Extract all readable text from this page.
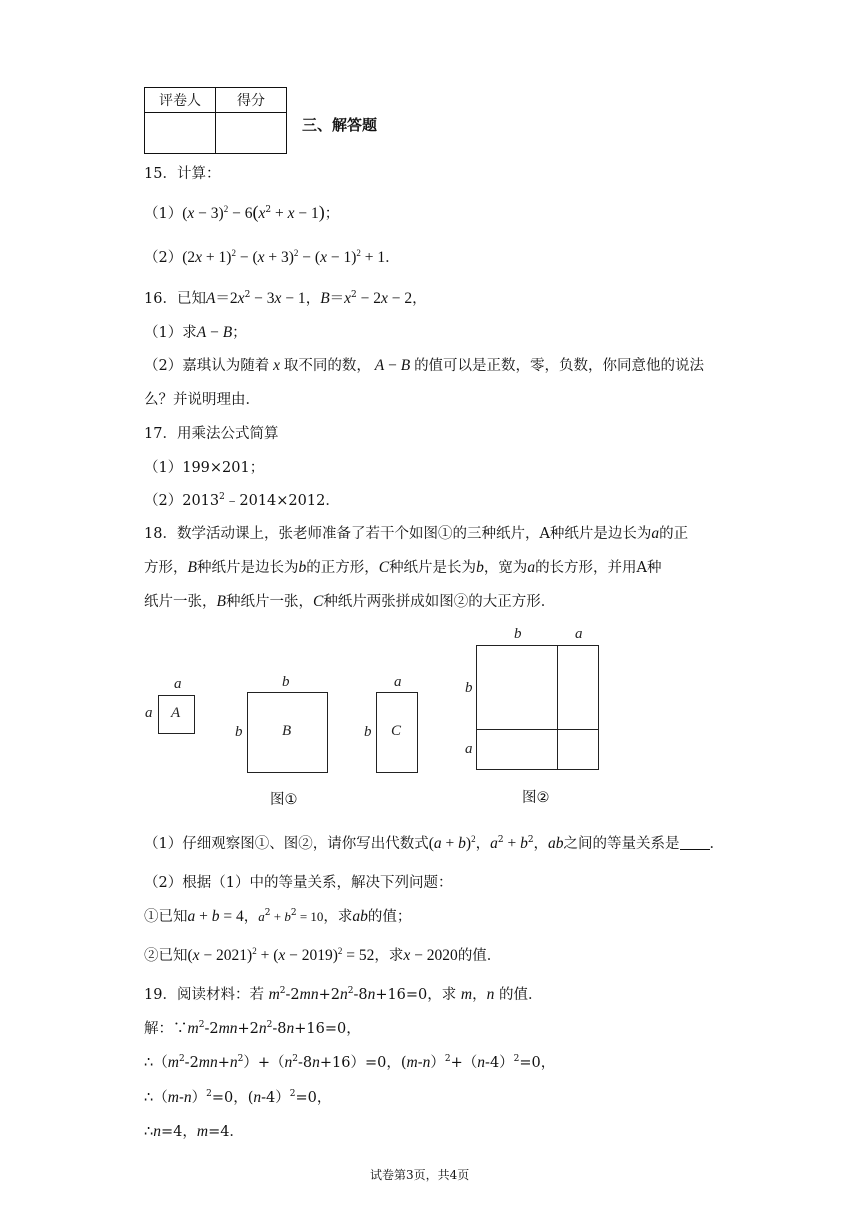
评卷人	得分

三、解答题
15．计算：
$(1)(x - 3)^2 - 6(x^2 + x - 1)$；
$(2)(2x + 1)^2 - (x + 3)^2 - (x - 1)^2 + 1$．
16．已知$A=2x^2 - 3x - 1$，$B=x^2 - 2x - 2$，
（1）求A − B；
（2）嘉琪认为随着 x 取不同的数， A − B 的值可以是正数，零，负数，你同意他的说法
么？并说明理由．
17．用乘法公式简算
（1）199×201；
$(2)2013^2﹣2014\times 2012$．
18．数学活动课上，张老师准备了若干个如图①的三种纸片，A种纸片是边长为a的正
方形，B种纸片是边长为b的正方形，C种纸片是长为b，宽为a的长方形，并用A种
纸片一张，B种纸片一张，C种纸片两张拼成如图②的大正方形．
A
a
a
B
b
b	C
a
b
图①
b	a
b
a
图②
（1）仔细观察图①、图②，请你写出代数式$(a + b)^2$，$a^2 + b^2$，ab之间的等量关系是 ．
（2）根据（1）中的等量关系，解决下列问题：
①已知a + b = 4，$a^2 + b^2 = 10$，求ab的值；
②已知$(x - 2021)^2 + (x - 2019)^2 = 52$，求x − 2020的值．
19．阅读材料：若 $m^2-2mn+2n^2-8n+16=0$，求 m，n 的值．
解：$\because m^2-2mn+2n^2-8n+16=0$，
$\therefore(m^2-2mn+n^2)+(n^2-8n+16)=0$，$(m-n)^2+(n-4)^2=0$，
$\therefore(m-n)^2=0$，(n-4）$^2$=0，
∴n=4，m=4．
试卷第3页，共4页
